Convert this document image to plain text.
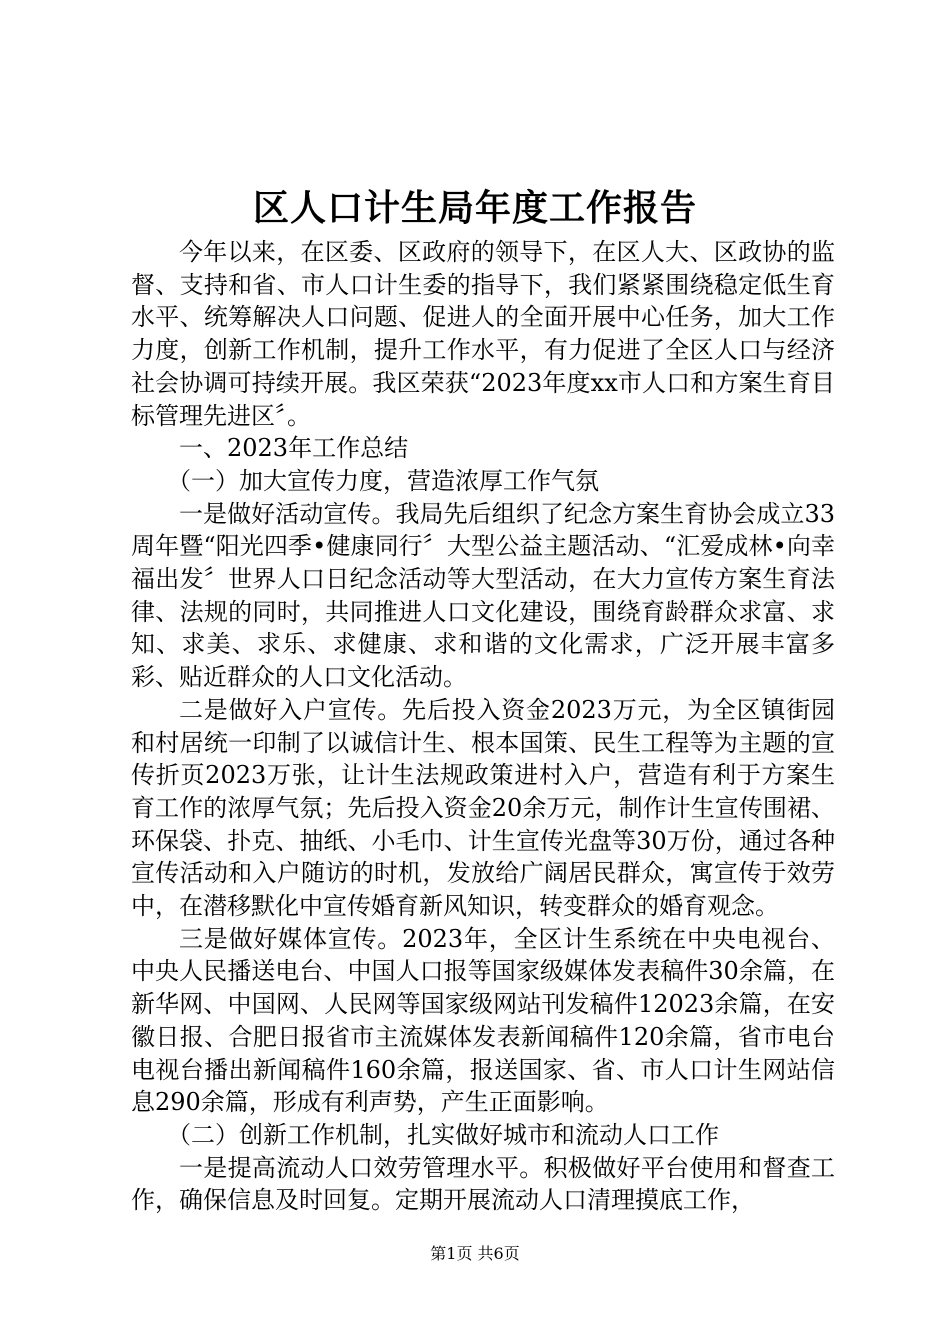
区人口计生局年度工作报告

今年以来，在区委、区政府的领导下，在区人大、区政协的监督、支持和省、市人口计生委的指导下，我们紧紧围绕稳定低生育水平、统筹解决人口问题、促进人的全面开展中心任务，加大工作力度，创新工作机制，提升工作水平，有力促进了全区人口与经济社会协调可持续开展。我区荣获“2023年度xx市人口和方案生育目标管理先进区〞。

一、2023年工作总结

（一）加大宣传力度，营造浓厚工作气氛

一是做好活动宣传。我局先后组织了纪念方案生育协会成立33周年暨“阳光四季•健康同行〞大型公益主题活动、“汇爱成林•向幸福出发〞世界人口日纪念活动等大型活动，在大力宣传方案生育法律、法规的同时，共同推进人口文化建设，围绕育龄群众求富、求知、求美、求乐、求健康、求和谐的文化需求，广泛开展丰富多彩、贴近群众的人口文化活动。

二是做好入户宣传。先后投入资金2023万元，为全区镇街园和村居统一印制了以诚信计生、根本国策、民生工程等为主题的宣传折页2023万张，让计生法规政策进村入户，营造有利于方案生育工作的浓厚气氛；先后投入资金20余万元，制作计生宣传围裙、环保袋、扑克、抽纸、小毛巾、计生宣传光盘等30万份，通过各种宣传活动和入户随访的时机，发放给广阔居民群众，寓宣传于效劳中，在潜移默化中宣传婚育新风知识，转变群众的婚育观念。

三是做好媒体宣传。2023年，全区计生系统在中央电视台、中央人民播送电台、中国人口报等国家级媒体发表稿件30余篇，在新华网、中国网、人民网等国家级网站刊发稿件12023余篇，在安徽日报、合肥日报省市主流媒体发表新闻稿件120余篇，省市电台电视台播出新闻稿件160余篇，报送国家、省、市人口计生网站信息290余篇，形成有利声势，产生正面影响。

（二）创新工作机制，扎实做好城市和流动人口工作

一是提高流动人口效劳管理水平。积极做好平台使用和督查工作，确保信息及时回复。定期开展流动人口清理摸底工作，

第1页 共6页
